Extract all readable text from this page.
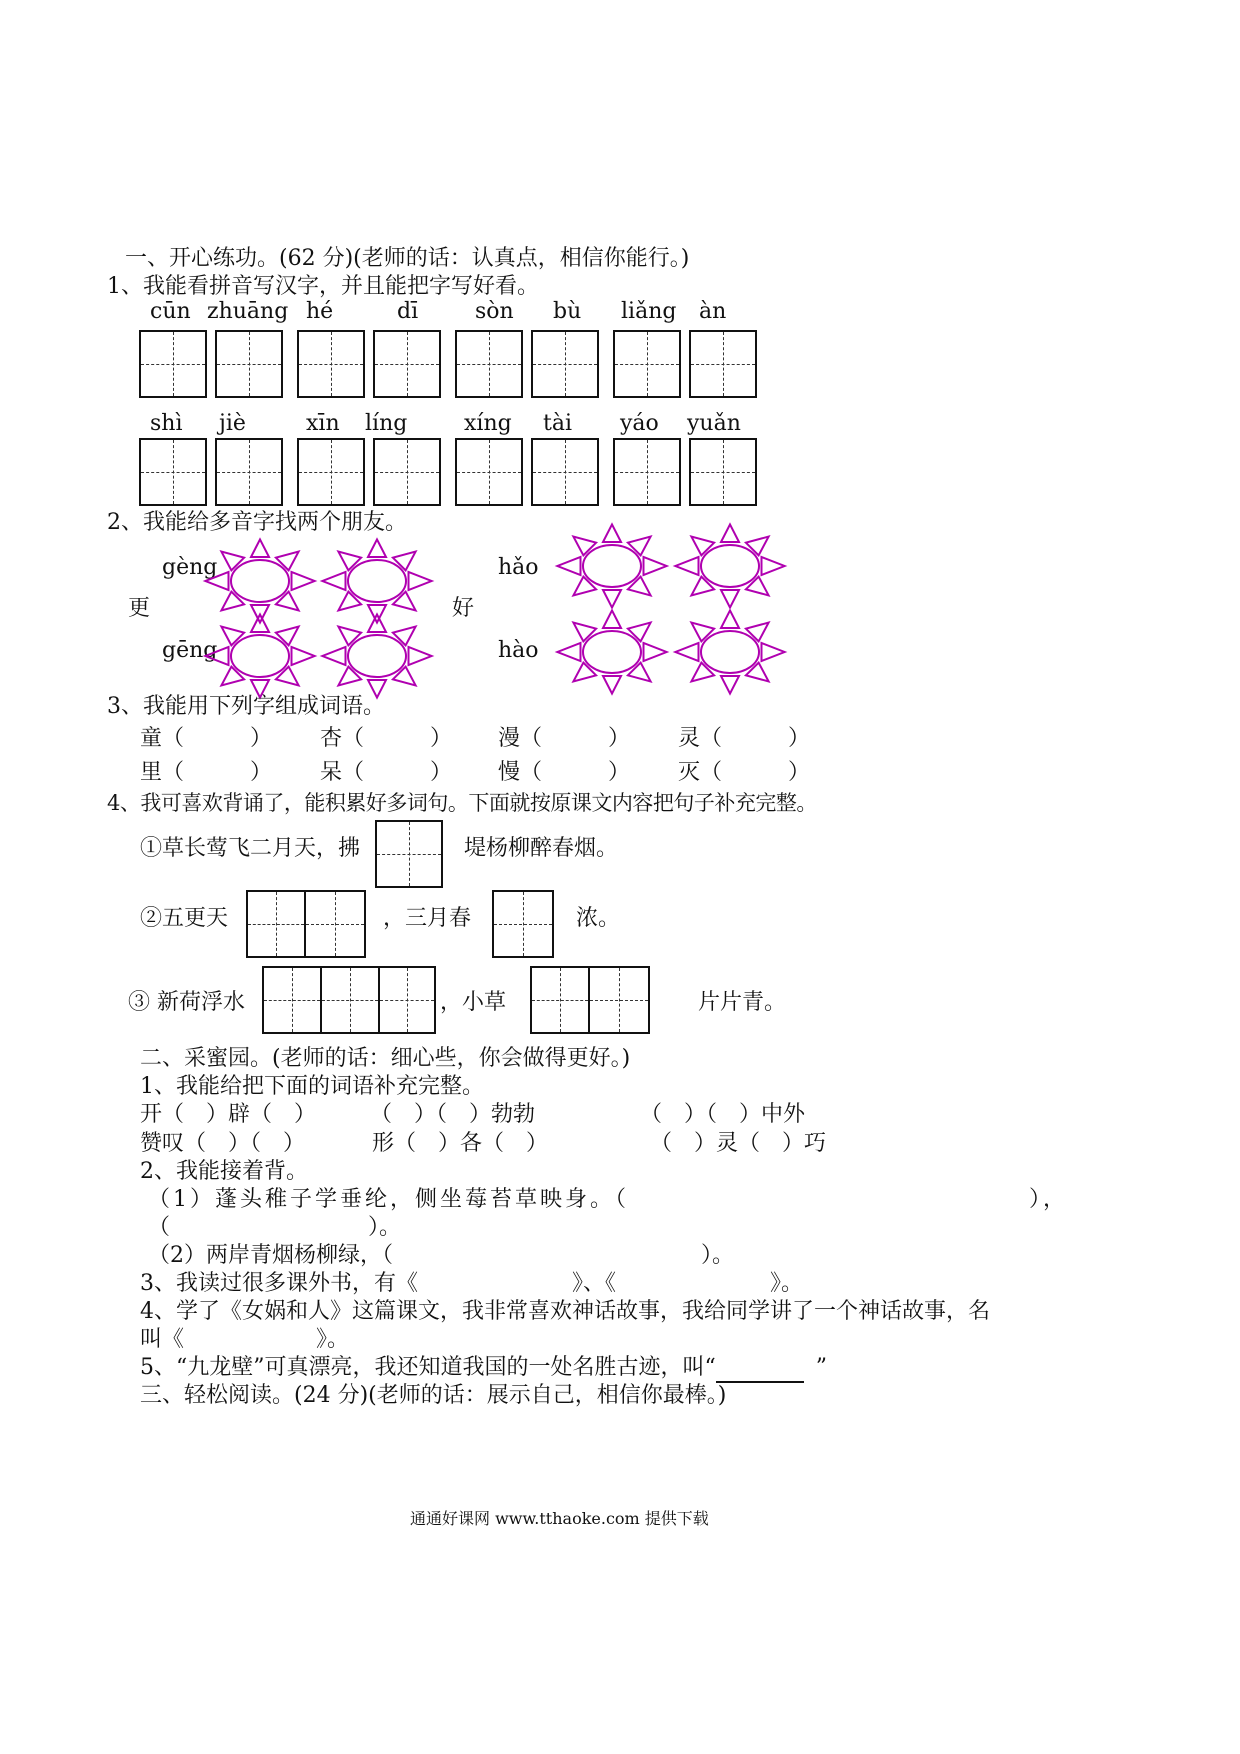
一、开心练功。(62 分)(老师的话：认真点，相信你能行。)
1、我能看拼音写汉字，并且能把字写好看。
cūn zhuāng hé	dī	sòn bù liǎng àn
shì jiè	xīn líng	xíng tài yáo yuǎn
2、我能给多音字找两个朋友。
gèng
更
gēng
hǎo
好
hào
3、我能用下列字组成词语。
童（　　　） 杏（　　　） 漫（　　　） 灵（　　　）
里（　　　） 呆（　　　） 慢（　　　） 灭（　　　）
4、我可喜欢背诵了，能积累好多词句。下面就按原课文内容把句子补充完整。
①草长莺飞二月天，拂	堤杨柳醉春烟。
②五更天	，三月春	浓。
③ 新荷浮水	，小草	片片青。
二、采蜜园。(老师的话：细心些，你会做得更好。)
1、我能给把下面的词语补充完整。
开（　）辟（　） （　）（　）勃勃	（　）（　）中外
赞叹（　）（　）	形（　）各（　）	（　）灵（　）巧
2、我能接着背。
（1）蓬头稚子学垂纶，侧坐莓苔草映身。（　　　　　　　　　　　　　　　　），
（　　　　　　　　　）。
（2）两岸青烟杨柳绿，（　　　　　　　　　　　　　　）。
3、我读过很多课外书，有《　　　　　　　》、《　　　　　　　》。
4、学了《女娲和人》这篇课文，我非常喜欢神话故事，我给同学讲了一个神话故事，名
叫《　　　　　　》。
5、“九龙壁”可真漂亮，我还知道我国的一处名胜古迹，叫“	”
三、轻松阅读。(24 分)(老师的话：展示自己，相信你最棒。)
通通好课网 www.tthaoke.com 提供下载
